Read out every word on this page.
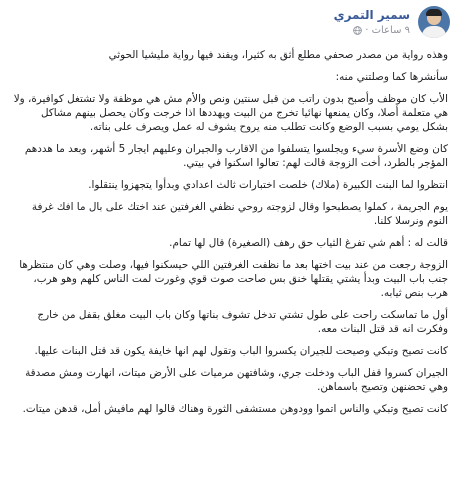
سمير التمري
٩ ساعات ·

وهذه رواية من مصدر صحفي مطلع أثق به كثيرا، ويفند فيها رواية مليشيا الحوثي

سأنشرها كما وصلتني منه:

الأب كان موظف وأصبح بدون راتب من قبل سنتين ونص والأم مش هي موظفة ولا تشتغل كوافيرة، ولا هي متعلمة أصلا، وكان يمنعها نهائيا تخرج من البيت ويهددها اذا خرجت وكان يحصل بينهم مشاكل بشكل يومي بسبب الوضع وكانت تطلب منه يروح يشوف له عمل ويصرف على بناته.

كان وضع الأسرة سيء ويجلسوا يتسلفوا من الاقارب والجيران وعليهم ايجار 5 أشهر، وبعد ما هددهم المؤجر بالطرد، أخت الزوجة قالت لهم: تعالوا اسكنوا في بيتي.

انتظروا لما البنت الكبيرة (ملاك) خلصت اختبارات ثالث اعدادي وبدأوا يتجهزوا ينتقلوا.

يوم الجريمة ، كملوا يصطبحوا وقال لزوجته روحي نظفي الغرفتين عند اختك على بال ما افك غرفة النوم ونرسلا كلنا.

قالت له : أهم شي تفرغ الثياب حق رهف (الصغيرة) قال لها تمام.

الزوجة رجعت من عند بيت اختها بعد ما نظفت الغرفتين اللي حيسكنوا فيها، وصلت وهي كان منتظرها جنب باب البيت وبدأ يشتي يقتلها خنق بس صاحت صوت قوي وغورت لمت الناس كلهم وهو هرب، هرب بنص ثيابه.

أول ما تماسكت راحت على طول تشتي تدخل تشوف بناتها وكان باب البيت مغلق بقفل من خارج وفكرت انه قد قتل البنات معه.

كانت تصيح وتبكي وصيحت للجيران يكسروا الباب وتقول لهم انها خايفة يكون قد قتل البنات عليها.

الجيران كسروا قفل الباب ودخلت جري، وشافتهن مرميات على الأرض ميتات، انهارت ومش مصدقة وهي تحضنهن وتصيح باسماهن.

كانت تصيح وتبكي والناس اتموا وودوهن مستشفى الثورة وهناك قالوا لهم مافيش أمل، قدهن ميتات.
